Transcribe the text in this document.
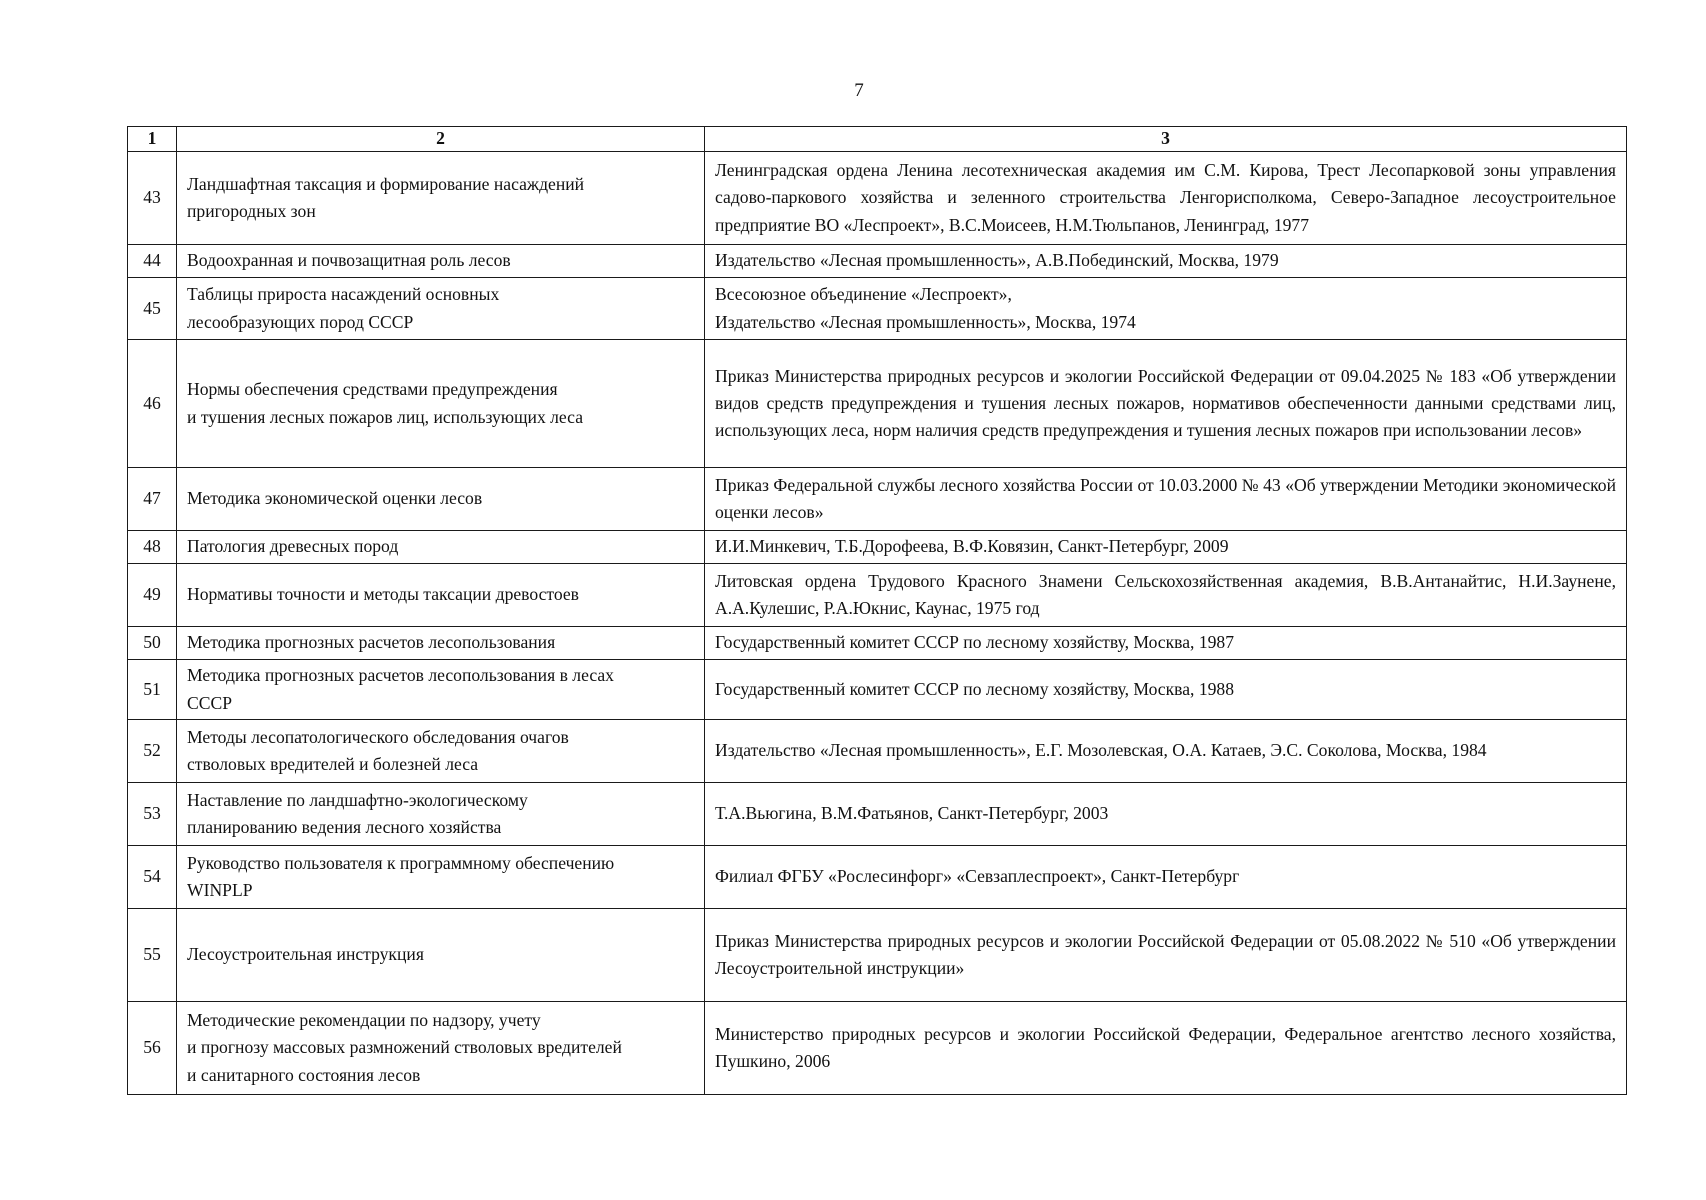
7
1	2	3
43	Ландшафтная таксация и формирование насаждений
пригородных зон	Ленинградская ордена Ленина лесотехническая академия им С.М. Кирова, Трест Лесопарковой зоны управления садово-паркового хозяйства и зеленного строительства Ленгорисполкома, Северо-Западное лесоустроительное предприятие ВО «Леспроект», В.С.Моисеев, Н.М.Тюльпанов, Ленинград, 1977
44	Водоохранная и почвозащитная роль лесов	Издательство «Лесная промышленность», А.В.Побединский, Москва, 1979
45	Таблицы прироста насаждений основных
лесообразующих пород СССР	Всесоюзное объединение «Леспроект»,
Издательство «Лесная промышленность», Москва, 1974
46	Нормы обеспечения средствами предупреждения
и тушения лесных пожаров лиц, использующих леса	Приказ Министерства природных ресурсов и экологии Российской Федерации от 09.04.2025 № 183 «Об утверждении видов средств предупреждения и тушения лесных пожаров, нормативов обеспеченности данными средствами лиц, использующих леса, норм наличия средств предупреждения и тушения лесных пожаров при использовании лесов»
47	Методика экономической оценки лесов	Приказ Федеральной службы лесного хозяйства России от 10.03.2000 № 43 «Об утверждении Методики экономической оценки лесов»
48	Патология древесных пород	И.И.Минкевич, Т.Б.Дорофеева, В.Ф.Ковязин, Санкт-Петербург, 2009
49	Нормативы точности и методы таксации древостоев	Литовская ордена Трудового Красного Знамени Сельскохозяйственная академия, В.В.Антанайтис, Н.И.Заунене, А.А.Кулешис, Р.А.Юкнис, Каунас, 1975 год
50	Методика прогнозных расчетов лесопользования	Государственный комитет СССР по лесному хозяйству, Москва, 1987
51	Методика прогнозных расчетов лесопользования в лесах
СССР	Государственный комитет СССР по лесному хозяйству, Москва, 1988
52	Методы лесопатологического обследования очагов
стволовых вредителей и болезней леса	Издательство «Лесная промышленность», Е.Г. Мозолевская, О.А. Катаев, Э.С. Соколова, Москва, 1984
53	Наставление по ландшафтно-экологическому
планированию ведения лесного хозяйства	Т.А.Вьюгина, В.М.Фатьянов, Санкт-Петербург, 2003
54	Руководство пользователя к программному обеспечению
WINPLP	Филиал ФГБУ «Рослесинфорг» «Севзаплеспроект», Санкт-Петербург
55	Лесоустроительная инструкция	Приказ Министерства природных ресурсов и экологии Российской Федерации от 05.08.2022 № 510 «Об утверждении Лесоустроительной инструкции»
56	Методические рекомендации по надзору, учету
и прогнозу массовых размножений стволовых вредителей
и санитарного состояния лесов	Министерство природных ресурсов и экологии Российской Федерации, Федеральное агентство лесного хозяйства, Пушкино, 2006
